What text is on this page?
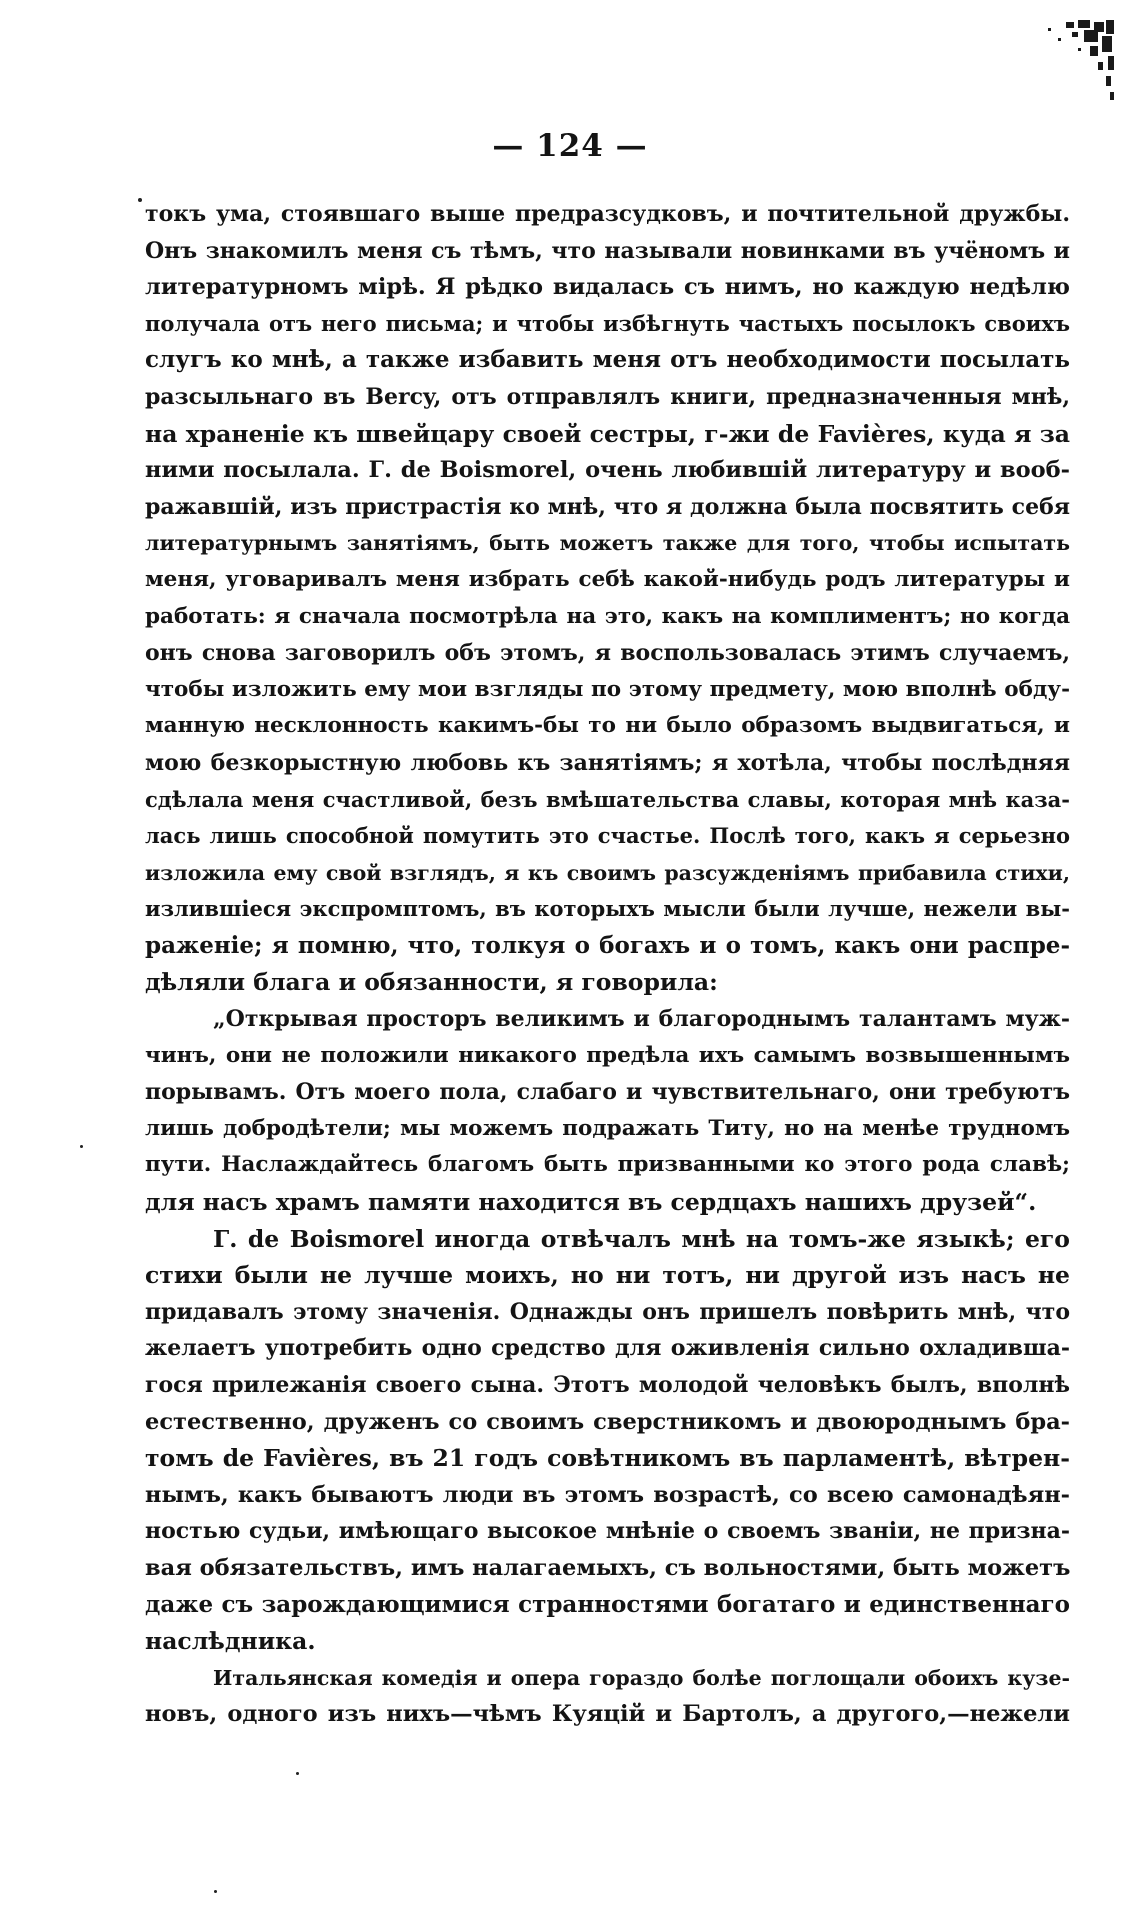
— 124 —
токъ ума, стоявшаго выше предразсудковъ, и почтительной дружбы.
Онъ знакомилъ меня съ тѣмъ, что называли новинками въ учёномъ и
литературномъ мірѣ. Я рѣдко видалась съ нимъ, но каждую недѣлю
получала отъ него письма; и чтобы избѣгнуть частыхъ посылокъ своихъ
слугъ ко мнѣ, а также избавить меня отъ необходимости посылать
разсыльнаго въ Bercy, отъ отправлялъ книги, предназначенныя мнѣ,
на храненіе къ швейцару своей сестры, г-жи de Favières, куда я за
ними посылала. Г. de Boismorel, очень любившій литературу и вооб-
ражавшій, изъ пристрастія ко мнѣ, что я должна была посвятить себя
литературнымъ занятіямъ, быть можетъ также для того, чтобы испытать
меня, уговаривалъ меня избрать себѣ какой-нибудь родъ литературы и
работать: я сначала посмотрѣла на это, какъ на комплиментъ; но когда
онъ снова заговорилъ объ этомъ, я воспользовалась этимъ случаемъ,
чтобы изложить ему мои взгляды по этому предмету, мою вполнѣ обду-
манную несклонность какимъ-бы то ни было образомъ выдвигаться, и
мою безкорыстную любовь къ занятіямъ; я хотѣла, чтобы послѣдняя
сдѣлала меня счастливой, безъ вмѣшательства славы, которая мнѣ каза-
лась лишь способной помутить это счастье. Послѣ того, какъ я серьезно
изложила ему свой взглядъ, я къ своимъ разсужденіямъ прибавила стихи,
излившіеся экспромптомъ, въ которыхъ мысли были лучше, нежели вы-
раженіе; я помню, что, толкуя о богахъ и о томъ, какъ они распре-
дѣляли блага и обязанности, я говорила:
„Открывая просторъ великимъ и благороднымъ талантамъ муж-
чинъ, они не положили никакого предѣла ихъ самымъ возвышеннымъ
порывамъ. Отъ моего пола, слабаго и чувствительнаго, они требуютъ
лишь добродѣтели; мы можемъ подражать Титу, но на менѣе трудномъ
пути. Наслаждайтесь благомъ быть призванными ко этого рода славѣ;
для насъ храмъ памяти находится въ сердцахъ нашихъ друзей“.
Г. de Boismorel иногда отвѣчалъ мнѣ на томъ-же языкѣ; его
стихи были не лучше моихъ, но ни тотъ, ни другой изъ насъ не
придавалъ этому значенія. Однажды онъ пришелъ повѣрить мнѣ, что
желаетъ употребить одно средство для оживленія сильно охладивша-
гося прилежанія своего сына. Этотъ молодой человѣкъ былъ, вполнѣ
естественно, друженъ со своимъ сверстникомъ и двоюроднымъ бра-
томъ de Favières, въ 21 годъ совѣтникомъ въ парламентѣ, вѣтрен-
нымъ, какъ бываютъ люди въ этомъ возрастѣ, со всею самонадѣян-
ностью судьи, имѣющаго высокое мнѣніе о своемъ званіи, не призна-
вая обязательствъ, имъ налагаемыхъ, съ вольностями, быть можетъ
даже съ зарождающимися странностями богатаго и единственнаго
наслѣдника.
Итальянская комедія и опера гораздо болѣе поглощали обоихъ кузе-
новъ, одного изъ нихъ—чѣмъ Куяцій и Бартолъ, а другого,—нежели
